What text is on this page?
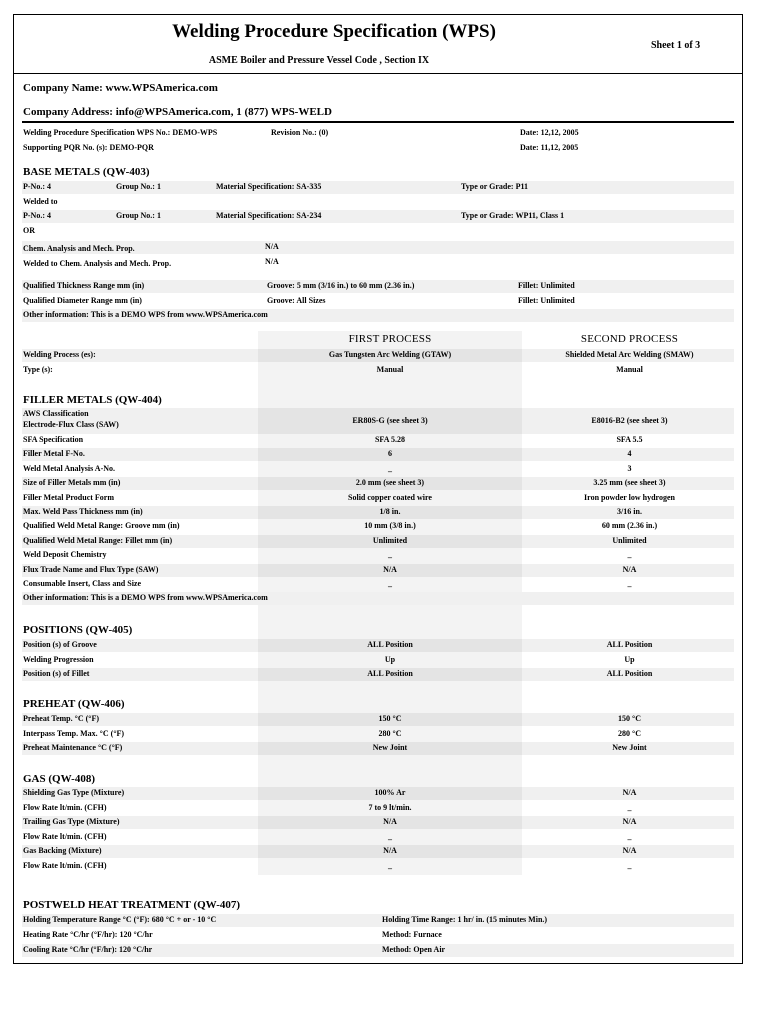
Welding Procedure Specification (WPS)
Sheet 1 of 3
ASME Boiler and Pressure Vessel Code , Section IX
Company Name: www.WPSAmerica.com
Company Address: info@WPSAmerica.com, 1 (877) WPS-WELD
Welding Procedure Specification WPS No.: DEMO-WPS	Revision No.: (0)	Date: 12,12, 2005
Supporting PQR No. (s): DEMO-PQR	Date: 11,12, 2005
BASE METALS (QW-403)
P-No.: 4	Group No.: 1	Material Specification: SA-335	Type or Grade: P11
Welded to
P-No.: 4	Group No.: 1	Material Specification: SA-234	Type or Grade: WP11, Class 1
OR
Chem. Analysis and Mech. Prop.	N/A
Welded to Chem. Analysis and Mech. Prop.	N/A
Qualified Thickness Range mm (in)	Groove: 5 mm (3/16 in.) to 60 mm (2.36 in.)	Fillet: Unlimited
Qualified Diameter Range mm (in)	Groove: All Sizes	Fillet: Unlimited
Other information: This is a DEMO WPS from www.WPSAmerica.com
FIRST PROCESS	SECOND PROCESS
Welding Process (es):	Gas Tungsten Arc Welding (GTAW)	Shielded Metal Arc Welding (SMAW)
Type (s):	Manual	Manual
FILLER METALS (QW-404)
AWS Classification
Electrode-Flux Class (SAW)	ER80S-G (see sheet 3)	E8016-B2 (see sheet 3)
SFA Specification	SFA 5.28	SFA 5.5
Filler Metal F-No.	6	4
Weld Metal Analysis A-No.	_	3
Size of Filler Metals mm (in)	2.0 mm (see sheet 3)	3.25 mm (see sheet 3)
Filler Metal Product Form	Solid copper coated wire	Iron powder low hydrogen
Max. Weld Pass Thickness mm (in)	1/8 in.	3/16 in.
Qualified Weld Metal Range: Groove mm (in)	10 mm (3/8 in.)	60 mm (2.36 in.)
Qualified Weld Metal Range: Fillet mm (in)	Unlimited	Unlimited
Weld Deposit Chemistry	_	_
Flux Trade Name and Flux Type (SAW)	N/A	N/A
Consumable Insert, Class and Size	_	_
Other information: This is a DEMO WPS from www.WPSAmerica.com
POSITIONS (QW-405)
Position (s) of Groove	ALL Position	ALL Position
Welding Progression	Up	Up
Position (s) of Fillet	ALL Position	ALL Position
PREHEAT (QW-406)
Preheat Temp. °C (°F)	150 °C	150 °C
Interpass Temp. Max. °C (°F)	280 °C	280 °C
Preheat Maintenance °C (°F)	New Joint	New Joint
GAS (QW-408)
Shielding Gas Type (Mixture)	100% Ar	N/A
Flow Rate lt/min. (CFH)	7 to 9 lt/min.	_
Trailing Gas Type (Mixture)	N/A	N/A
Flow Rate lt/min. (CFH)	_	_
Gas Backing (Mixture)	N/A	N/A
Flow Rate lt/min. (CFH)	_	_
POSTWELD HEAT TREATMENT (QW-407)
Holding Temperature Range °C (°F): 680 °C + or - 10 °C	Holding Time Range: 1 hr/ in. (15 minutes Min.)
Heating Rate °C/hr (°F/hr): 120 °C/hr	Method: Furnace
Cooling Rate °C/hr (°F/hr): 120 °C/hr	Method: Open Air
